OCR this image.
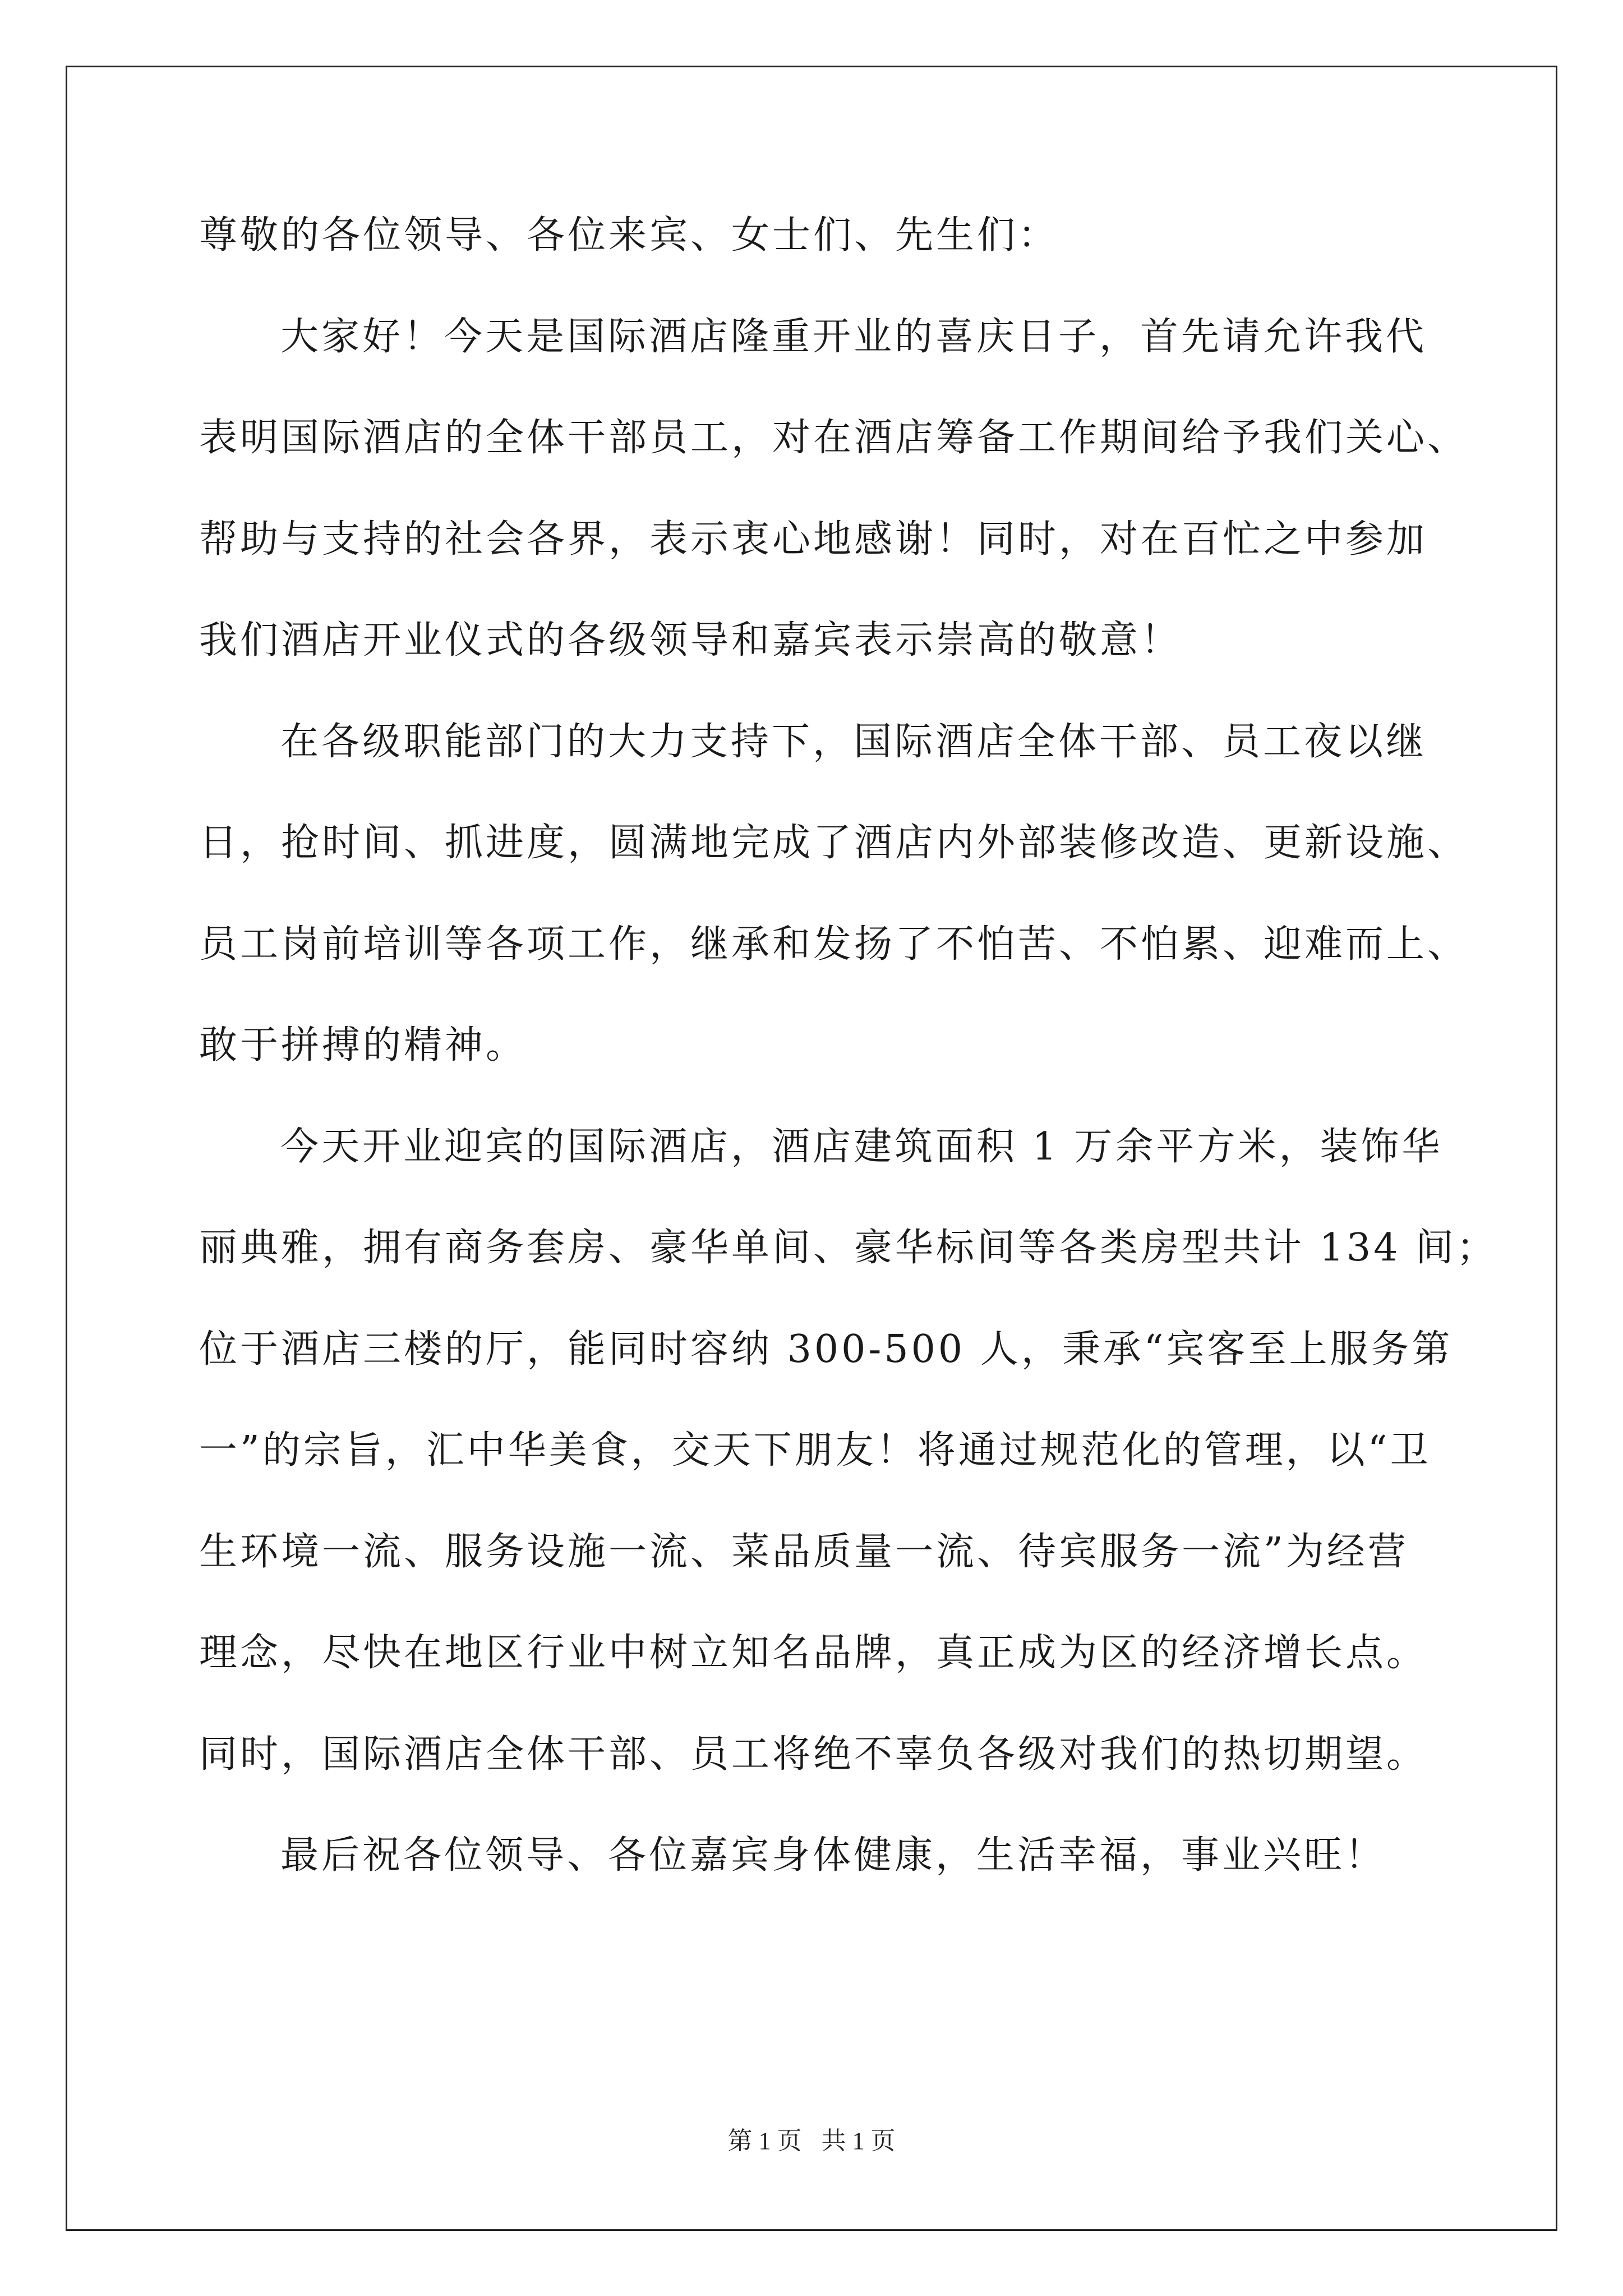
尊敬的各位领导、各位来宾、女士们、先生们：
大家好！今天是国际酒店隆重开业的喜庆日子，首先请允许我代
表明国际酒店的全体干部员工，对在酒店筹备工作期间给予我们关心、
帮助与支持的社会各界，表示衷心地感谢！同时，对在百忙之中参加
我们酒店开业仪式的各级领导和嘉宾表示崇高的敬意！
在各级职能部门的大力支持下，国际酒店全体干部、员工夜以继
日，抢时间、抓进度，圆满地完成了酒店内外部装修改造、更新设施、
员工岗前培训等各项工作，继承和发扬了不怕苦、不怕累、迎难而上、
敢于拼搏的精神。
今天开业迎宾的国际酒店，酒店建筑面积 1 万余平方米，装饰华
丽典雅，拥有商务套房、豪华单间、豪华标间等各类房型共计 134 间；
位于酒店三楼的厅，能同时容纳 300-500 人，秉承“宾客至上服务第
一”的宗旨，汇中华美食，交天下朋友！将通过规范化的管理，以“卫
生环境一流、服务设施一流、菜品质量一流、待宾服务一流”为经营
理念，尽快在地区行业中树立知名品牌，真正成为区的经济增长点。
同时，国际酒店全体干部、员工将绝不辜负各级对我们的热切期望。
最后祝各位领导、各位嘉宾身体健康，生活幸福，事业兴旺！
第 1 页 共 1 页
